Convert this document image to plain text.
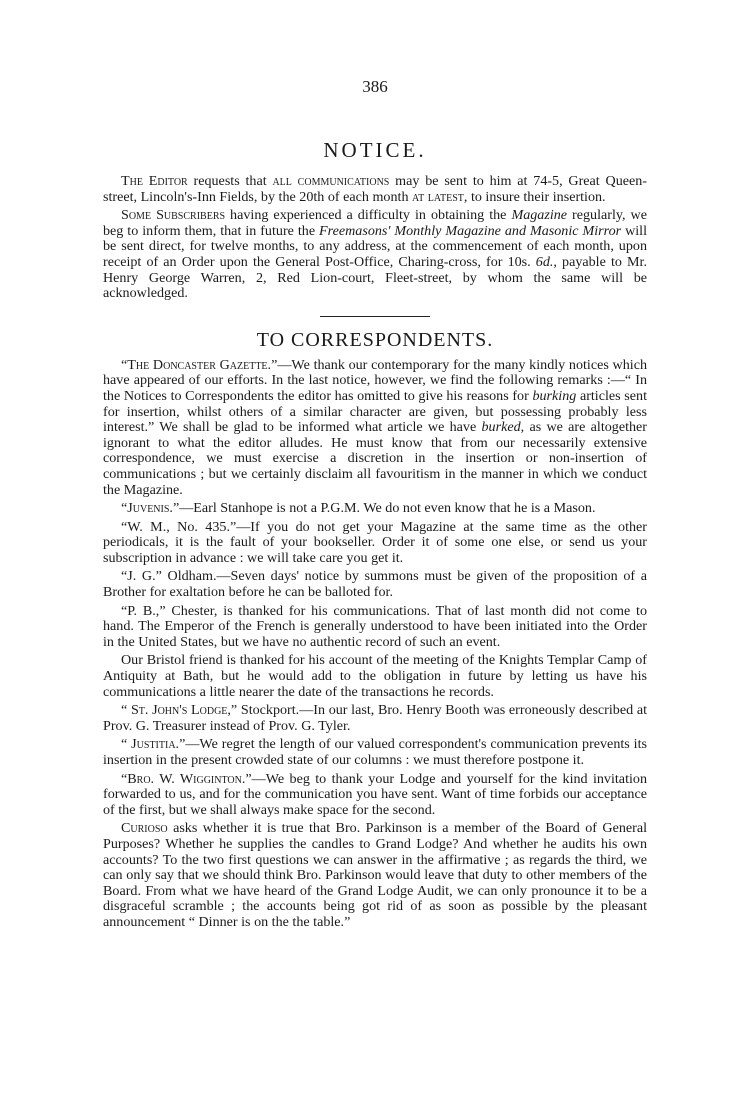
386
NOTICE.

The Editor requests that all communications may be sent to him at 74-5, Great Queen-street, Lincoln's-Inn Fields, by the 20th of each month at latest, to insure their insertion.

Some Subscribers having experienced a difficulty in obtaining the Magazine regularly, we beg to inform them, that in future the Freemasons' Monthly Magazine and Masonic Mirror will be sent direct, for twelve months, to any address, at the commencement of each month, upon receipt of an Order upon the General Post-Office, Charing-cross, for 10s. 6d., payable to Mr. Henry George Warren, 2, Red Lion-court, Fleet-street, by whom the same will be acknowledged.

TO CORRESPONDENTS.

“The Doncaster Gazette.”—We thank our contemporary for the many kindly notices which have appeared of our efforts. In the last notice, however, we find the following remarks :—“ In the Notices to Correspondents the editor has omitted to give his reasons for burking articles sent for insertion, whilst others of a similar character are given, but possessing probably less interest.” We shall be glad to be informed what article we have burked, as we are altogether ignorant to what the editor alludes. He must know that from our necessarily extensive correspondence, we must exercise a discretion in the insertion or non-insertion of communications ; but we certainly disclaim all favouritism in the manner in which we conduct the Magazine.

“Juvenis.”—Earl Stanhope is not a P.G.M. We do not even know that he is a Mason.

“W. M., No. 435.”—If you do not get your Magazine at the same time as the other periodicals, it is the fault of your bookseller. Order it of some one else, or send us your subscription in advance : we will take care you get it.

“J. G.” Oldham.—Seven days' notice by summons must be given of the proposition of a Brother for exaltation before he can be balloted for.

“P. B.,” Chester, is thanked for his communications. That of last month did not come to hand. The Emperor of the French is generally understood to have been initiated into the Order in the United States, but we have no authentic record of such an event.

Our Bristol friend is thanked for his account of the meeting of the Knights Templar Camp of Antiquity at Bath, but he would add to the obligation in future by letting us have his communications a little nearer the date of the transactions he records.

“ St. John's Lodge,” Stockport.—In our last, Bro. Henry Booth was erroneously described at Prov. G. Treasurer instead of Prov. G. Tyler.

“ Justitia.”—We regret the length of our valued correspondent's communication prevents its insertion in the present crowded state of our columns : we must therefore postpone it.

“Bro. W. Wigginton.”—We beg to thank your Lodge and yourself for the kind invitation forwarded to us, and for the communication you have sent. Want of time forbids our acceptance of the first, but we shall always make space for the second.

Curioso asks whether it is true that Bro. Parkinson is a member of the Board of General Purposes? Whether he supplies the candles to Grand Lodge? And whether he audits his own accounts? To the two first questions we can answer in the affirmative ; as regards the third, we can only say that we should think Bro. Parkinson would leave that duty to other members of the Board. From what we have heard of the Grand Lodge Audit, we can only pronounce it to be a disgraceful scramble ; the accounts being got rid of as soon as possible by the pleasant announcement “ Dinner is on the the table.”
